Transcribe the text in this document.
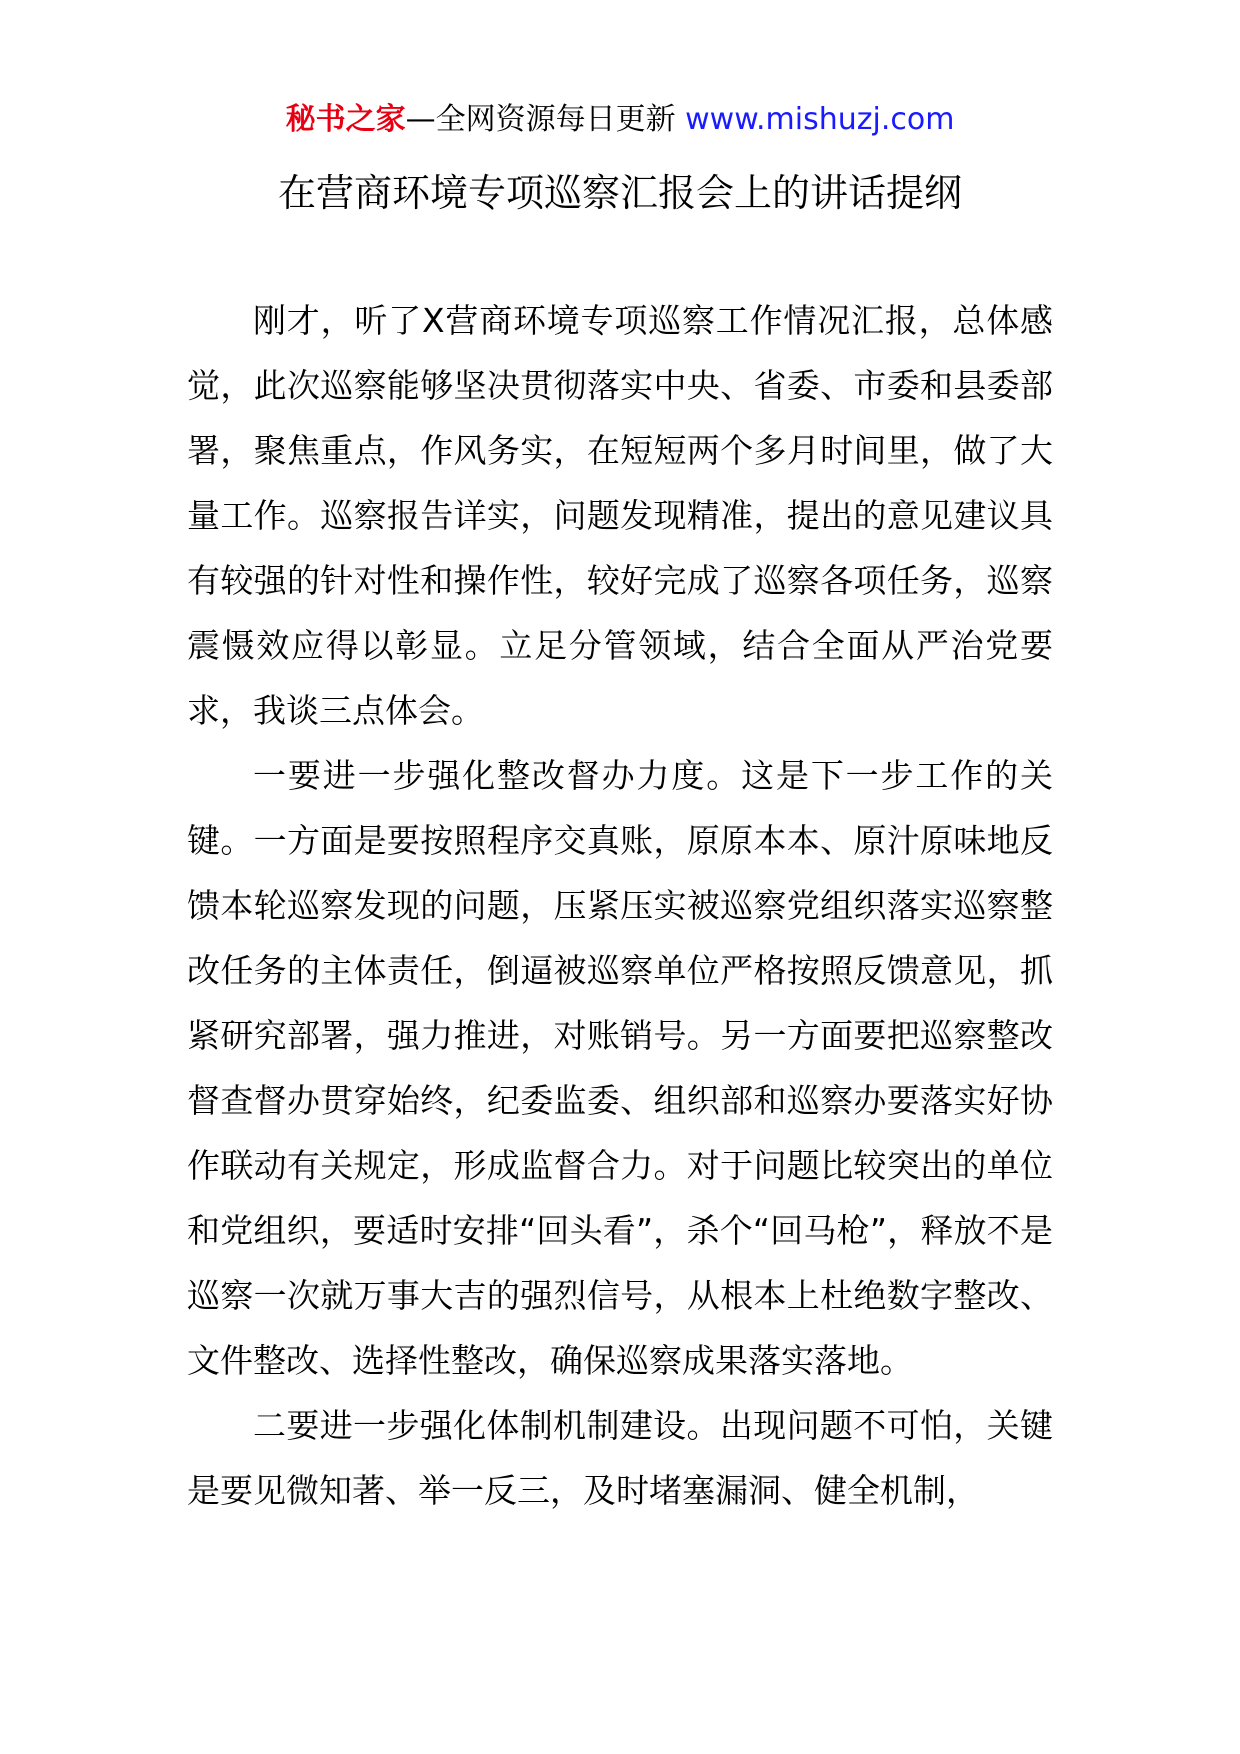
秘书之家—全网资源每日更新 www.mishuzj.com
在营商环境专项巡察汇报会上的讲话提纲

刚才，听了X营商环境专项巡察工作情况汇报，总体感觉，此次巡察能够坚决贯彻落实中央、省委、市委和县委部署，聚焦重点，作风务实，在短短两个多月时间里，做了大量工作。巡察报告详实，问题发现精准，提出的意见建议具有较强的针对性和操作性，较好完成了巡察各项任务，巡察震慑效应得以彰显。立足分管领域，结合全面从严治党要求，我谈三点体会。

一要进一步强化整改督办力度。这是下一步工作的关键。一方面是要按照程序交真账，原原本本、原汁原味地反馈本轮巡察发现的问题，压紧压实被巡察党组织落实巡察整改任务的主体责任，倒逼被巡察单位严格按照反馈意见，抓紧研究部署，强力推进，对账销号。另一方面要把巡察整改督查督办贯穿始终，纪委监委、组织部和巡察办要落实好协作联动有关规定，形成监督合力。对于问题比较突出的单位和党组织，要适时安排“回头看”，杀个“回马枪”，释放不是巡察一次就万事大吉的强烈信号，从根本上杜绝数字整改、文件整改、选择性整改，确保巡察成果落实落地。

二要进一步强化体制机制建设。出现问题不可怕，关键是要见微知著、举一反三，及时堵塞漏洞、健全机制，
